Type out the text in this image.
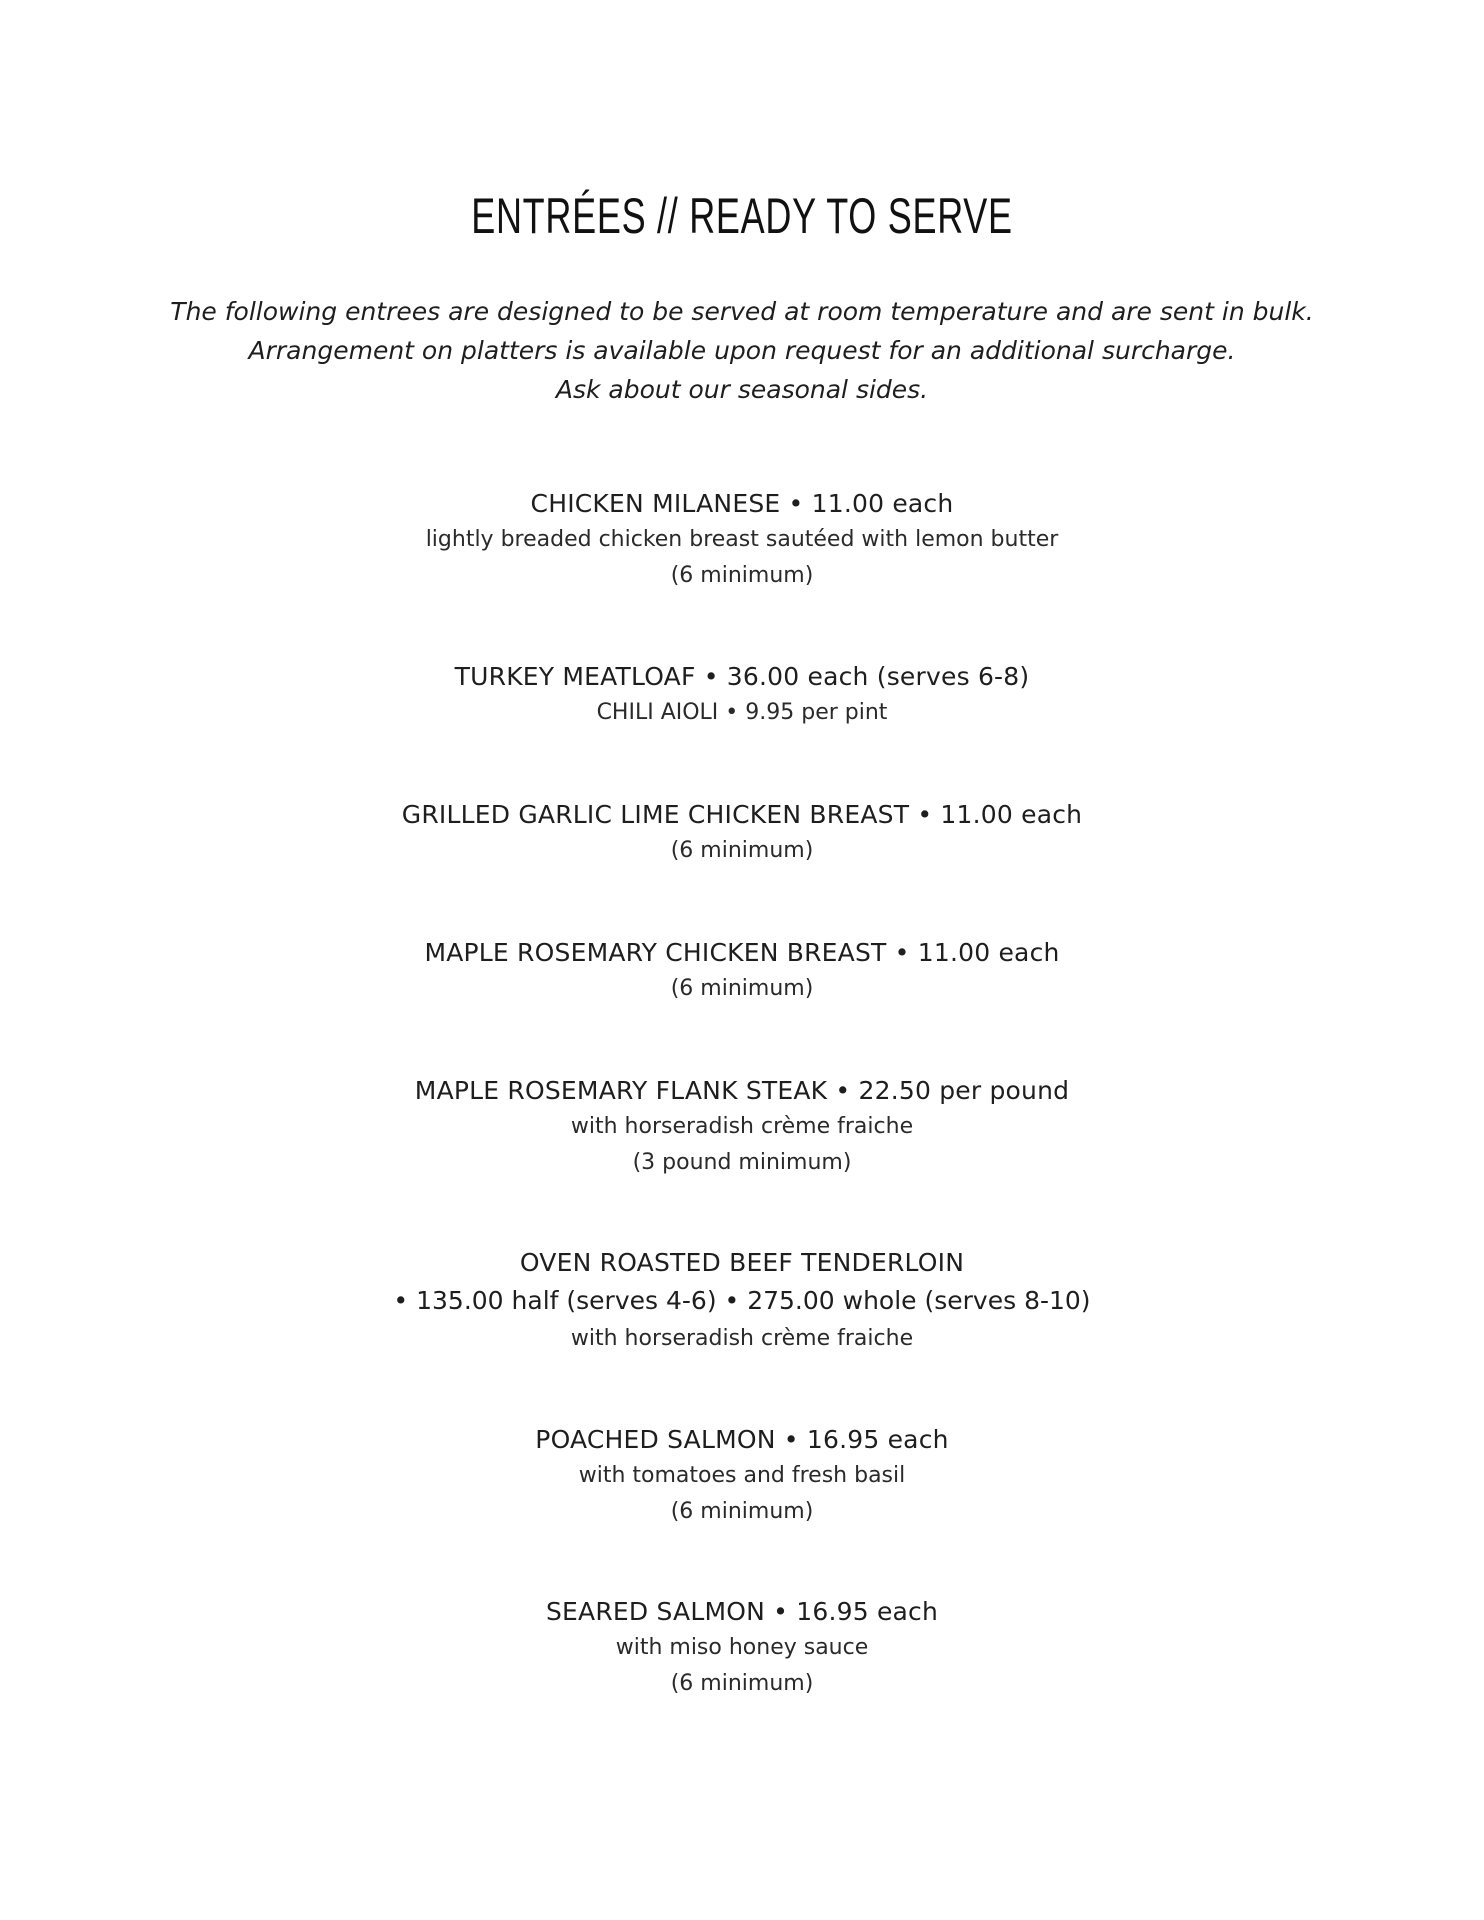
ENTRÉES // READY TO SERVE
The following entrees are designed to be served at room temperature and are sent in bulk.
Arrangement on platters is available upon request for an additional surcharge.
Ask about our seasonal sides.
CHICKEN MILANESE • 11.00 each
lightly breaded chicken breast sautéed with lemon butter
(6 minimum)
TURKEY MEATLOAF • 36.00 each (serves 6-8)
CHILI AIOLI • 9.95 per pint
GRILLED GARLIC LIME CHICKEN BREAST • 11.00 each
(6 minimum)
MAPLE ROSEMARY CHICKEN BREAST • 11.00 each
(6 minimum)
MAPLE ROSEMARY FLANK STEAK • 22.50 per pound
with horseradish crème fraiche
(3 pound minimum)
OVEN ROASTED BEEF TENDERLOIN
• 135.00 half (serves 4-6) • 275.00 whole (serves 8-10)
with horseradish crème fraiche
POACHED SALMON • 16.95 each
with tomatoes and fresh basil
(6 minimum)
SEARED SALMON • 16.95 each
with miso honey sauce
(6 minimum)
